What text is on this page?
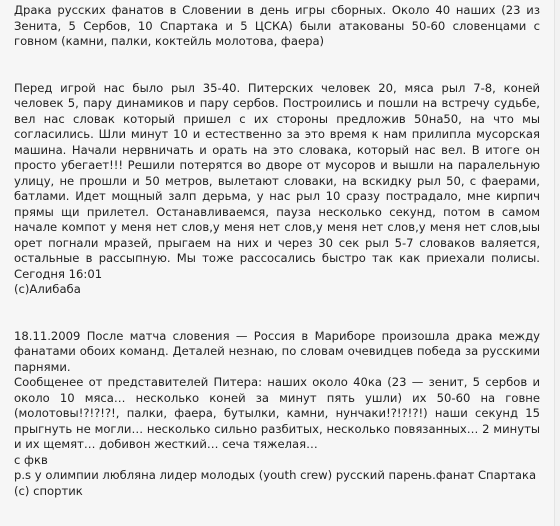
Драка русских фанатов в Словении в день игры сборных. Около 40 наших (23 из Зенита, 5 Сербов, 10 Спартака и 5 ЦСКА) были атакованы 50-60 словенцами с говном (камни, палки, коктейль молотова, фаера)

Перед игрой нас было рыл 35-40. Питерских человек 20, мяса рыл 7-8, коней человек 5, пару динамиков и пару сербов. Построились и пошли на встречу судьбе, вел нас словак который пришел с их стороны предложив 50на50, на что мы согласились. Шли минут 10 и естественно за это время к нам прилипла мусорская машина. Начали нервничать и орать на это словака, который нас вел. В итоге он просто убегает!!! Решили потерятся во дворе от мусоров и вышли на паралельную улицу, не прошли и 50 метров, вылетают словаки, на вскидку рыл 50, с фаерами, батлами. Идет мощный залп дерьма, у нас рыл 10 сразу пострадало, мне кирпич прямы щи прилетел. Останавливаемся, пауза несколько секунд, потом в самом начале компот у меня нет слов,у меня нет слов,у меня нет слов,у меня нет слов,ыы орет погнали мразей, прыгаем на них и через 30 сек рыл 5-7 словаков валяется, остальные в рассыпную. Мы тоже рассосались быстро так как приехали полисы. Сегодня 16:01

(с)Алибаба

18.11.2009 После матча словения — Россия в Мариборе произошла драка между фанатами обоих команд. Деталей незнаю, по словам очевидцев победа за русскими парнями.

Сообщенее от представителей Питера: наших около 40ка (23 — зенит, 5 сербов и около 10 мяса… несколько коней за минут пять ушли) их 50-60 на говне (молотовы!?!?!?!, палки, фаера, бутылки, камни, нунчаки!?!?!?!) наши секунд 15 прыгнуть не могли… несколько сильно разбитых, несколько повязанных… 2 минуты и их щемят… добивон жесткий… сеча тяжелая…

с фкв

p.s у олимпии любляна лидер молодых (youth crew) русский парень.фанат Спартака

(с) спортик
